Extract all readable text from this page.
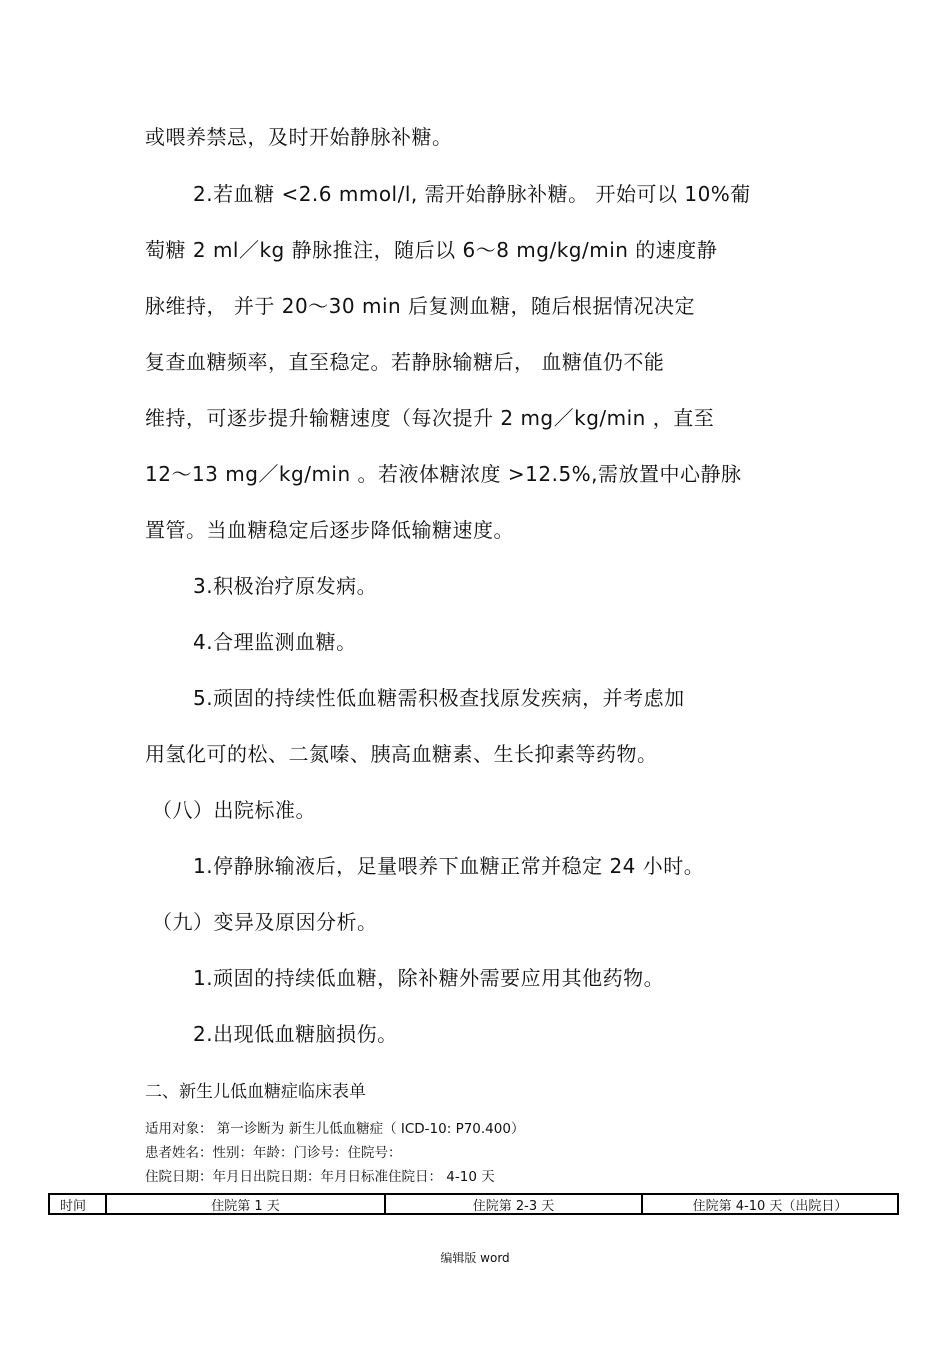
或喂养禁忌，及时开始静脉补糖。
2.若血糖 <2.6 mmol/l, 需开始静脉补糖。 开始可以 10%葡
萄糖 2 ml／kg 静脉推注，随后以 6～8 mg/kg/min 的速度静
脉维持， 并于 20～30 min 后复测血糖，随后根据情况决定
复查血糖频率，直至稳定。若静脉输糖后， 血糖值仍不能
维持，可逐步提升输糖速度（每次提升 2 mg／kg/min ，直至
12～13 mg／kg/min 。若液体糖浓度 >12.5%,需放置中心静脉
置管。当血糖稳定后逐步降低输糖速度。
3.积极治疗原发病。
4.合理监测血糖。
5.顽固的持续性低血糖需积极查找原发疾病，并考虑加
用氢化可的松、二氮嗪、胰高血糖素、生长抑素等药物。
（八）出院标准。
1.停静脉输液后，足量喂养下血糖正常并稳定 24 小时。
（九）变异及原因分析。
1.顽固的持续低血糖，除补糖外需要应用其他药物。
2.出现低血糖脑损伤。
二、新生儿低血糖症临床表单
适用对象： 第一诊断为 新生儿低血糖症（ ICD-10: P70.400）
患者姓名：性别：年龄：门诊号：住院号：
住院日期：年月日出院日期：年月日标准住院日： 4-10 天
时间	住院第 1 天	住院第 2-3 天	住院第 4-10 天（出院日）
编辑版 word
